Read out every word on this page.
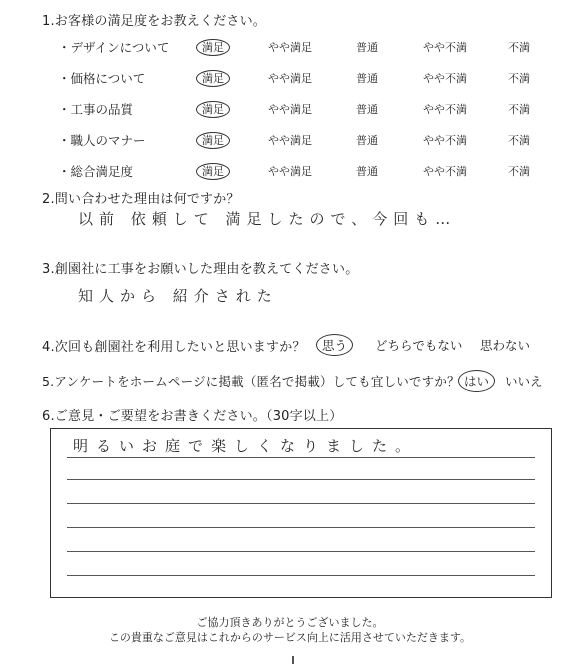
1.お客様の満足度をお教えください。
・デザインについて	満足	やや満足	普通	やや不満	不満
・価格について	満足	やや満足	普通	やや不満	不満
・工事の品質	満足	やや満足	普通	やや不満	不満
・職人のマナー	満足	やや満足	普通	やや不満	不満
・総合満足度	満足	やや満足	普通	やや不満	不満
2.問い合わせた理由は何ですか？
以前 依頼して 満足したので、今回も…
3.創園社に工事をお願いした理由を教えてください。
知人から 紹介された
4.次回も創園社を利用したいと思いますか？	思う	どちらでもない 思わない
5.アンケートをホームページに掲載（匿名で掲載）しても宜しいですか？ はい	いいえ
6.ご意見・ご要望をお書きください。（30字以上）
明るいお庭で楽しくなりました。
ご協力頂きありがとうございました。
この貴重なご意見はこれからのサービス向上に活用させていただきます。
